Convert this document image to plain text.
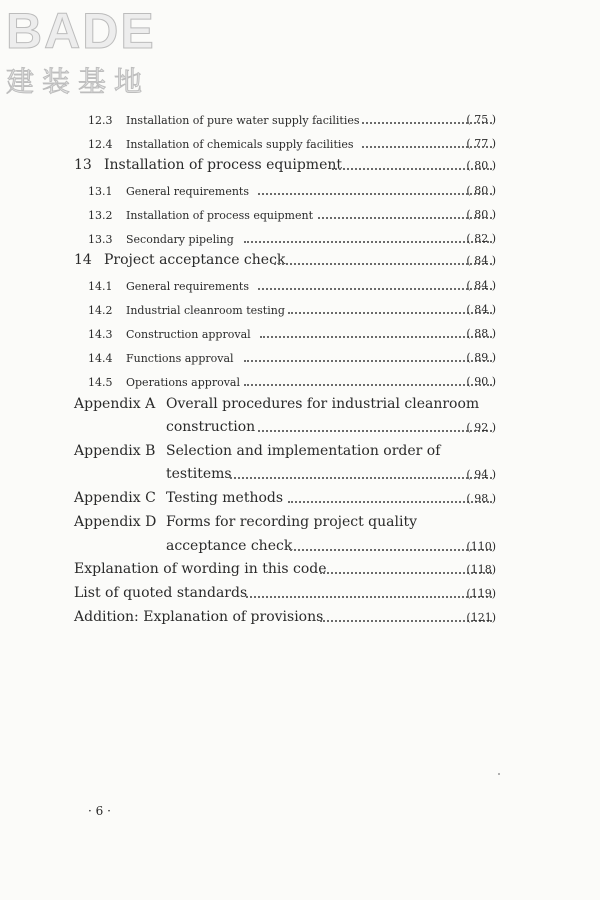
BADE
建装基地
12.3 Installation of pure water supply facilities	( 75 )
12.4 Installation of chemicals supply facilities	( 77 )
13 Installation of process equipment	( 80 )
13.1 General requirements	( 80 )
13.2 Installation of process equipment	( 80 )
13.3 Secondary pipeling	( 82 )
14 Project acceptance check	( 84 )
14.1 General requirements	( 84 )
14.2 Industrial cleanroom testing	( 84 )
14.3 Construction approval	( 88 )
14.4 Functions approval	( 89 )
14.5 Operations approval	( 90 )
Appendix A Overall procedures for industrial cleanroom
construction	( 92 )
Appendix B Selection and implementation order of
testitems	( 94 )
Appendix C Testing methods	( 98 )
Appendix D Forms for recording project quality
acceptance check	(110)
Explanation of wording in this code	(118)
List of quoted standards	(119)
Addition: Explanation of provisions	(121)
· 6 ·
